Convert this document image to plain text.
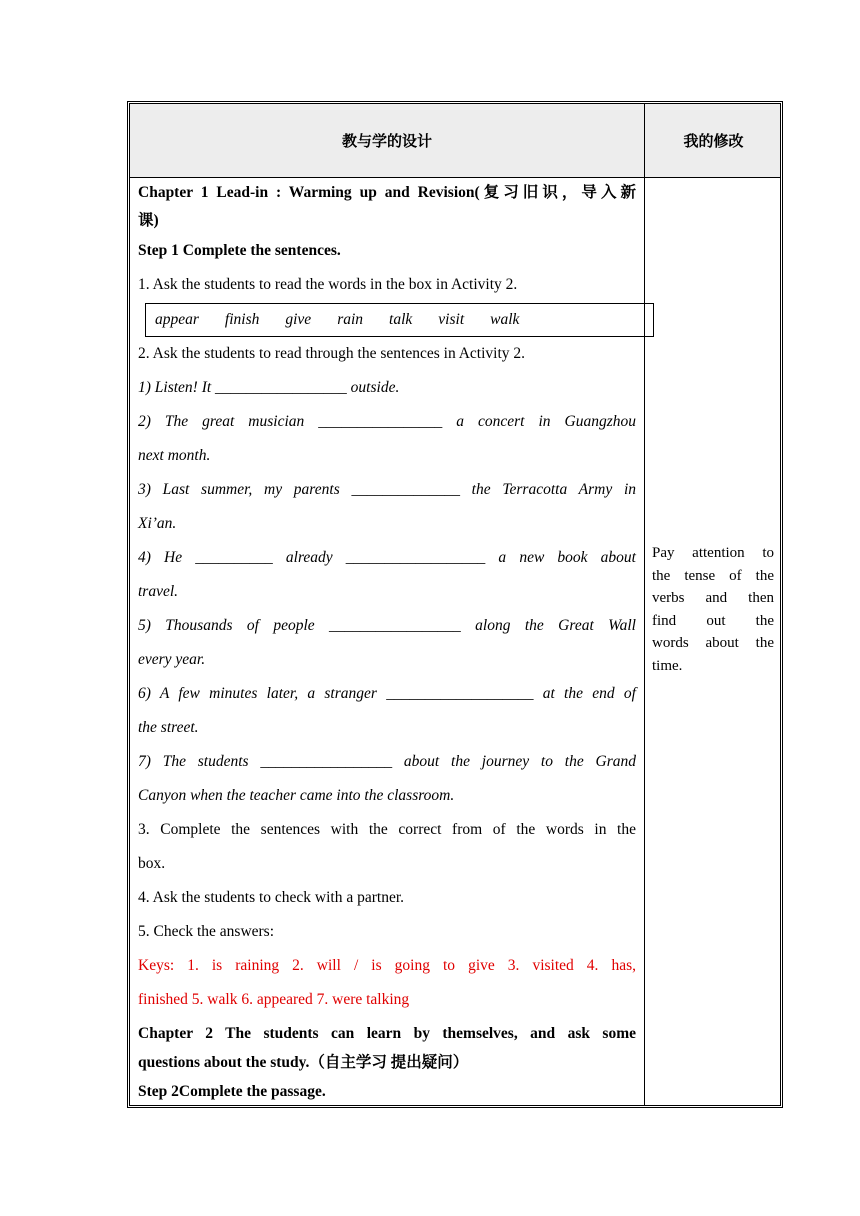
教与学的设计	我的修改
Chapter 1 Lead-in : Warming up and Revision(复习旧识，导入新
课)
Step 1 Complete the sentences.
1. Ask the students to read the words in the box in Activity 2.
2. Ask the students to read through the sentences in Activity 2.
1) Listen! It _________________ outside.
2) The great musician ________________ a concert in Guangzhou
next month.
3) Last summer, my parents ______________ the Terracotta Army in
Xi’an.
4) He __________ already __________________ a new book about
travel.
5) Thousands of people _________________ along the Great Wall
every year.
6) A few minutes later, a stranger ___________________ at the end of
the street.
7) The students _________________ about the journey to the Grand
Canyon when the teacher came into the classroom.
3. Complete the sentences with the correct from of the words in the
box.
4. Ask the students to check with a partner.
5. Check the answers:
Keys: 1. is raining 2. will / is going to give 3. visited 4. has,
finished 5. walk 6. appeared 7. were talking
Chapter 2 The students can learn by themselves, and ask some
questions about the study.（自主学习 提出疑问）
Step 2Complete the passage.
appear finish give rain talk visit walk
Pay attention to
the tense of the
verbs and then
find out the
words about the
time.
